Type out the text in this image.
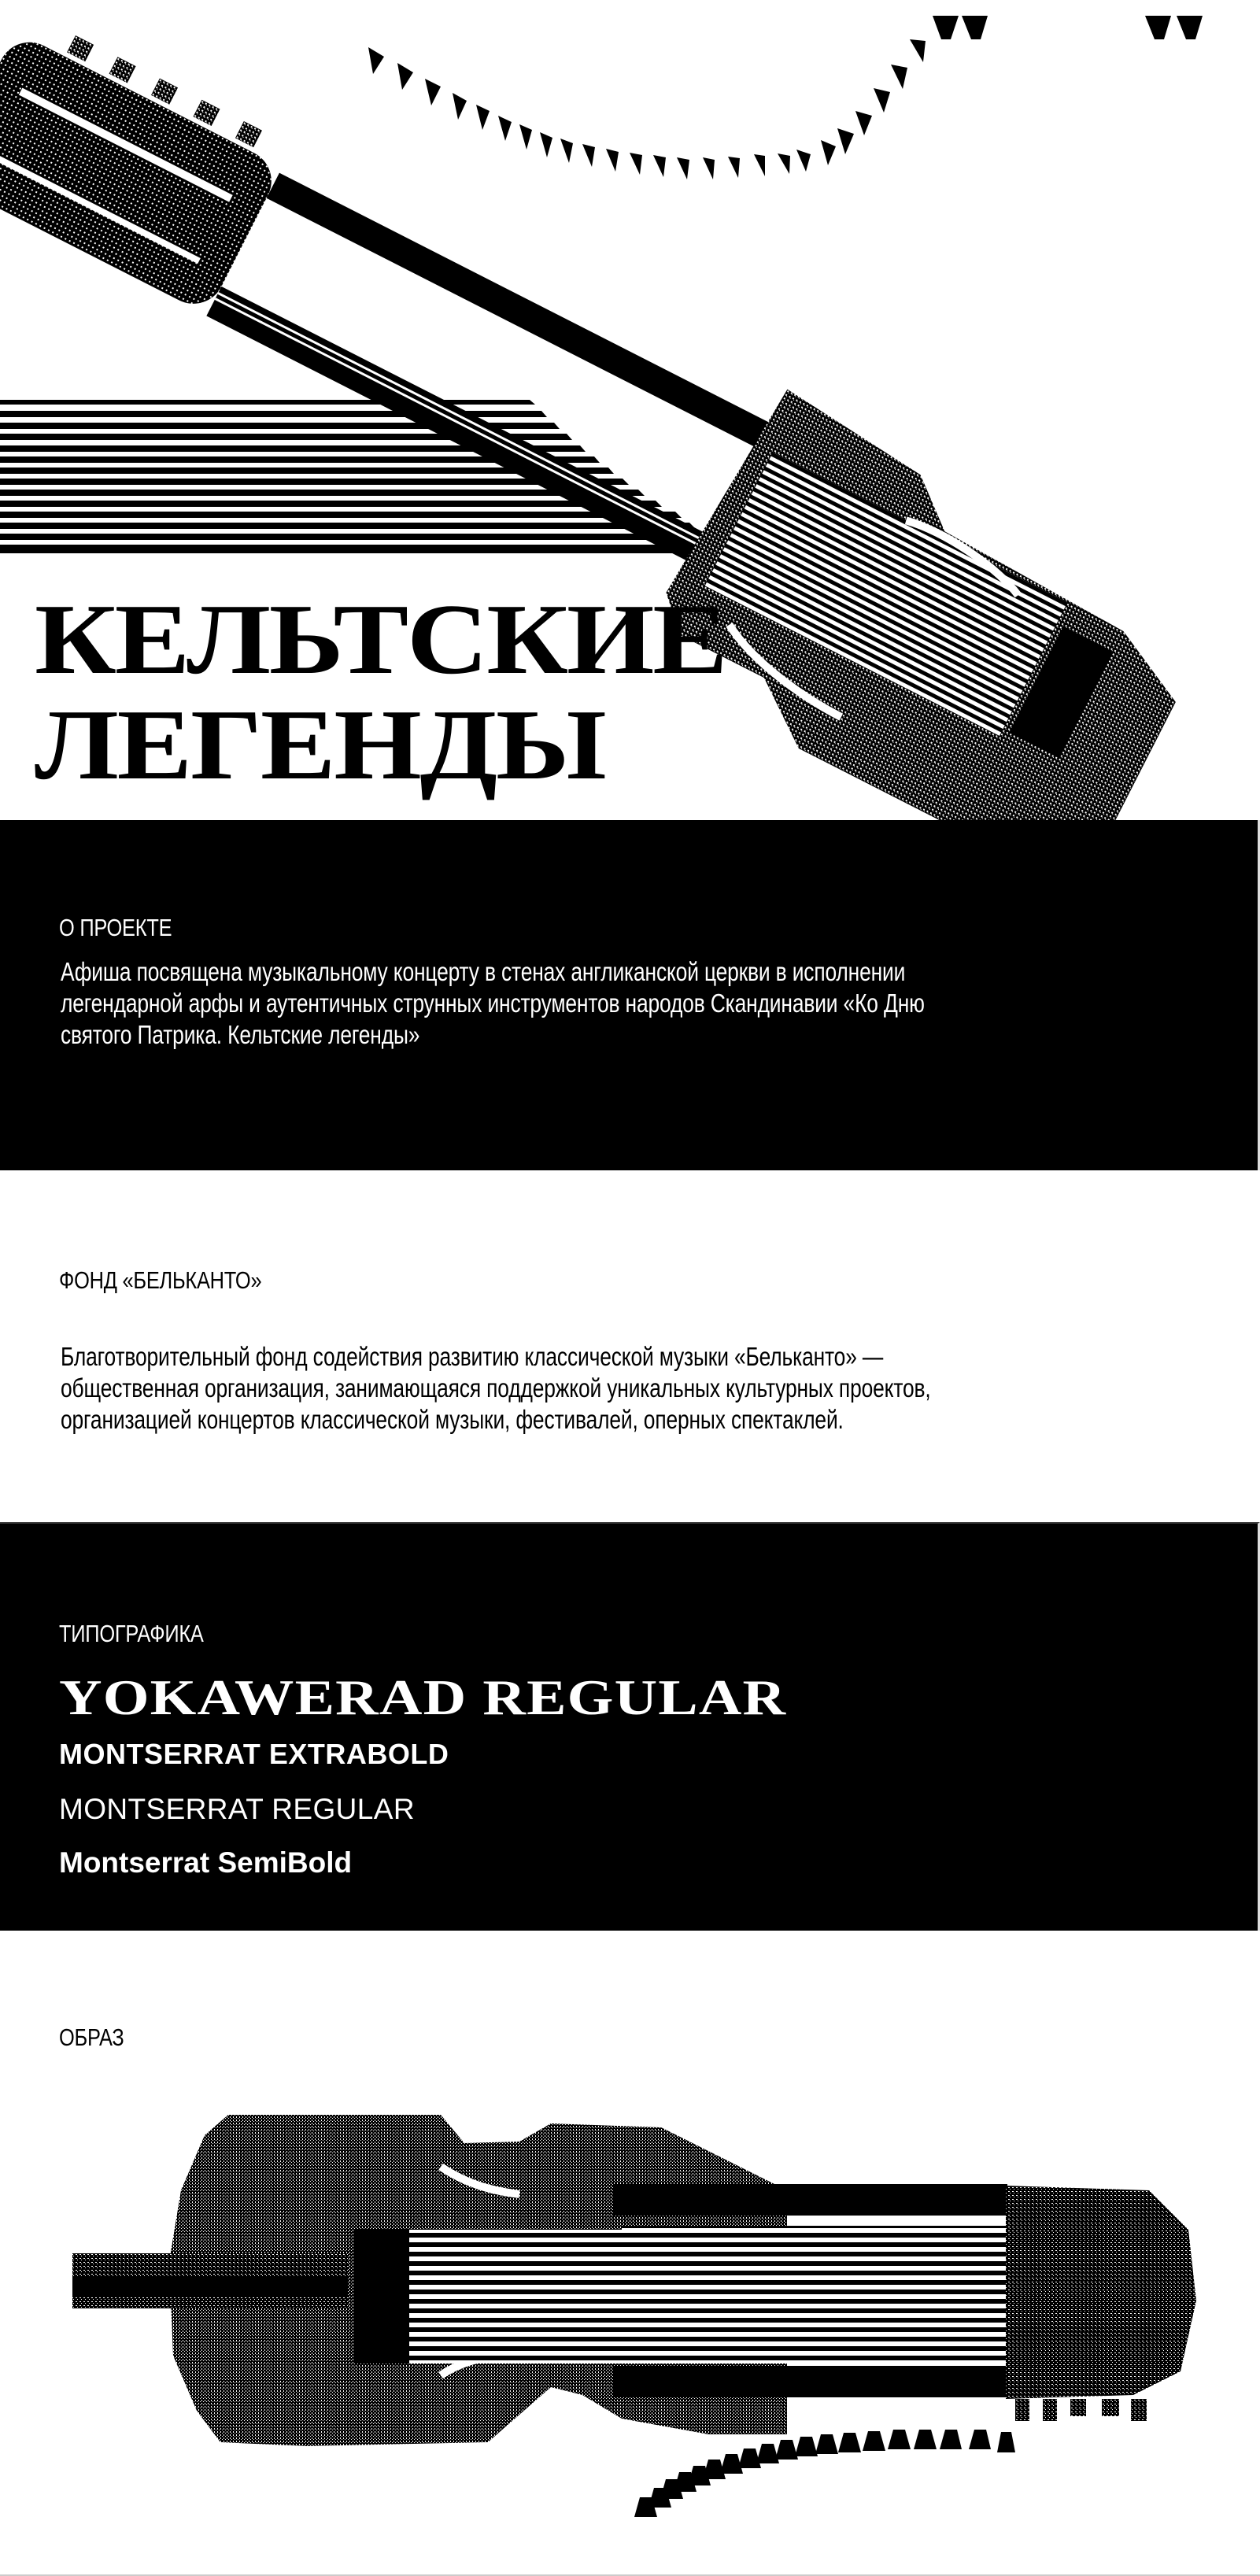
КЕЛЬТСКИЕ
ЛЕГЕНДЫ
О ПРОЕКТЕ
Афиша посвящена музыкальному концерту в стенах англиканской церкви в исполнении
легендарной арфы и аутентичных струнных инструментов народов Скандинавии «Ко Дню
святого Патрика. Кельтские легенды»
ФОНД «БЕЛЬКАНТО»
Благотворительный фонд содействия развитию классической музыки «Бельканто» —
общественная организация, занимающаяся поддержкой уникальных культурных проектов,
организацией концертов классической музыки, фестивалей, оперных спектаклей.
ТИПОГРАФИКА
YOKAWERAD REGULAR
MONTSERRAT EXTRABOLD
MONTSERRAT REGULAR
Montserrat SemiBold
ОБРАЗ
